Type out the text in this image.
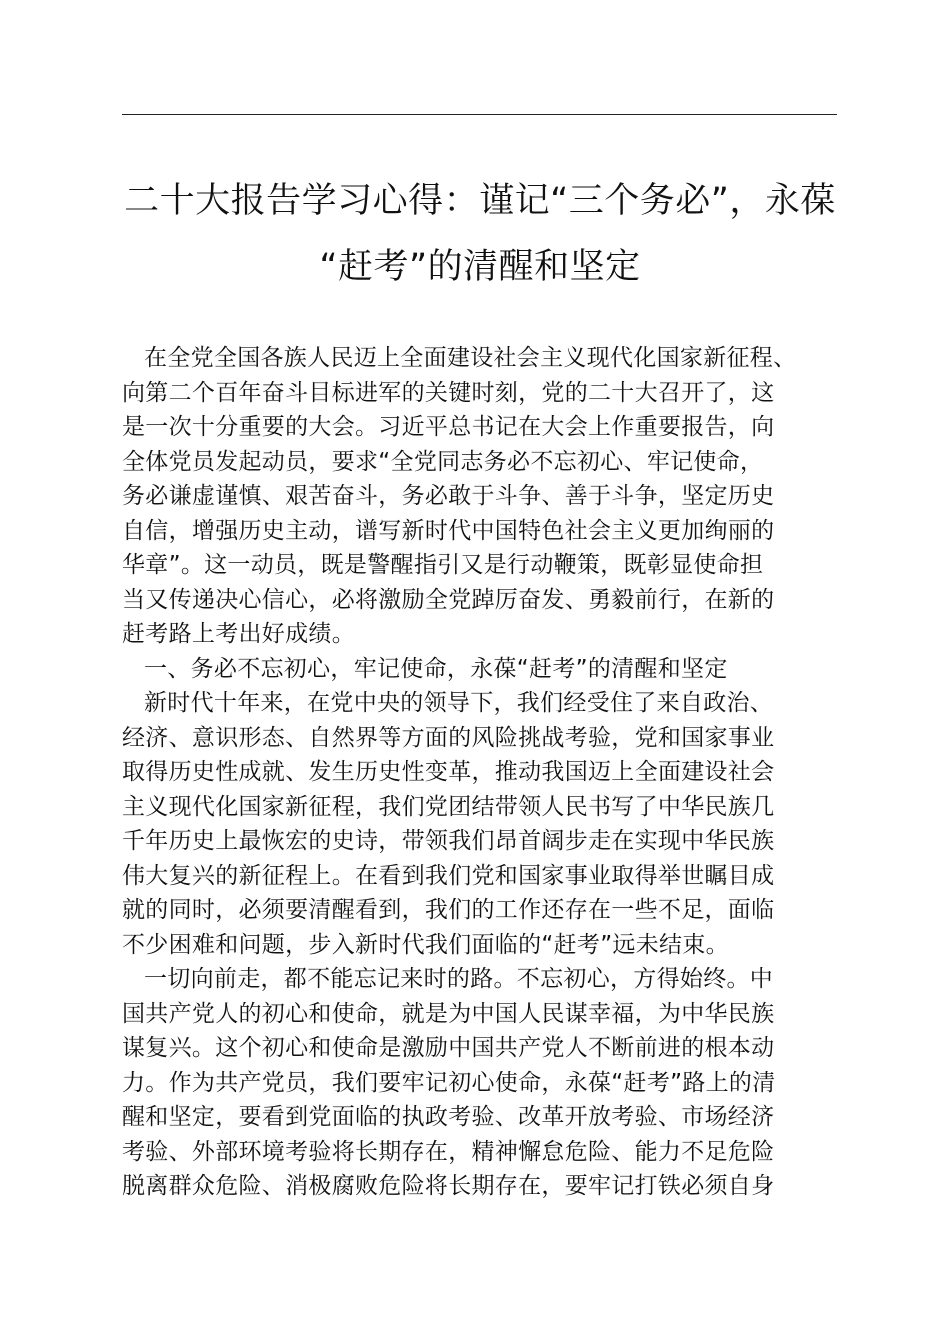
二十大报告学习心得：谨记“三个务必”，永葆
“赶考”的清醒和坚定
在全党全国各族人民迈上全面建设社会主义现代化国家新征程、
向第二个百年奋斗目标进军的关键时刻，党的二十大召开了，这
是一次十分重要的大会。习近平总书记在大会上作重要报告，向
全体党员发起动员，要求“全党同志务必不忘初心、牢记使命，
务必谦虚谨慎、艰苦奋斗，务必敢于斗争、善于斗争，坚定历史
自信，增强历史主动，谱写新时代中国特色社会主义更加绚丽的
华章”。这一动员，既是警醒指引又是行动鞭策，既彰显使命担
当又传递决心信心，必将激励全党踔厉奋发、勇毅前行，在新的
赶考路上考出好成绩。
一、务必不忘初心，牢记使命，永葆“赶考”的清醒和坚定
新时代十年来，在党中央的领导下，我们经受住了来自政治、
经济、意识形态、自然界等方面的风险挑战考验，党和国家事业
取得历史性成就、发生历史性变革，推动我国迈上全面建设社会
主义现代化国家新征程，我们党团结带领人民书写了中华民族几
千年历史上最恢宏的史诗，带领我们昂首阔步走在实现中华民族
伟大复兴的新征程上。在看到我们党和国家事业取得举世瞩目成
就的同时，必须要清醒看到，我们的工作还存在一些不足，面临
不少困难和问题，步入新时代我们面临的“赶考”远未结束。
一切向前走，都不能忘记来时的路。不忘初心，方得始终。中
国共产党人的初心和使命，就是为中国人民谋幸福，为中华民族
谋复兴。这个初心和使命是激励中国共产党人不断前进的根本动
力。作为共产党员，我们要牢记初心使命，永葆“赶考”路上的清
醒和坚定，要看到党面临的执政考验、改革开放考验、市场经济
考验、外部环境考验将长期存在，精神懈怠危险、能力不足危险
脱离群众危险、消极腐败危险将长期存在，要牢记打铁必须自身
